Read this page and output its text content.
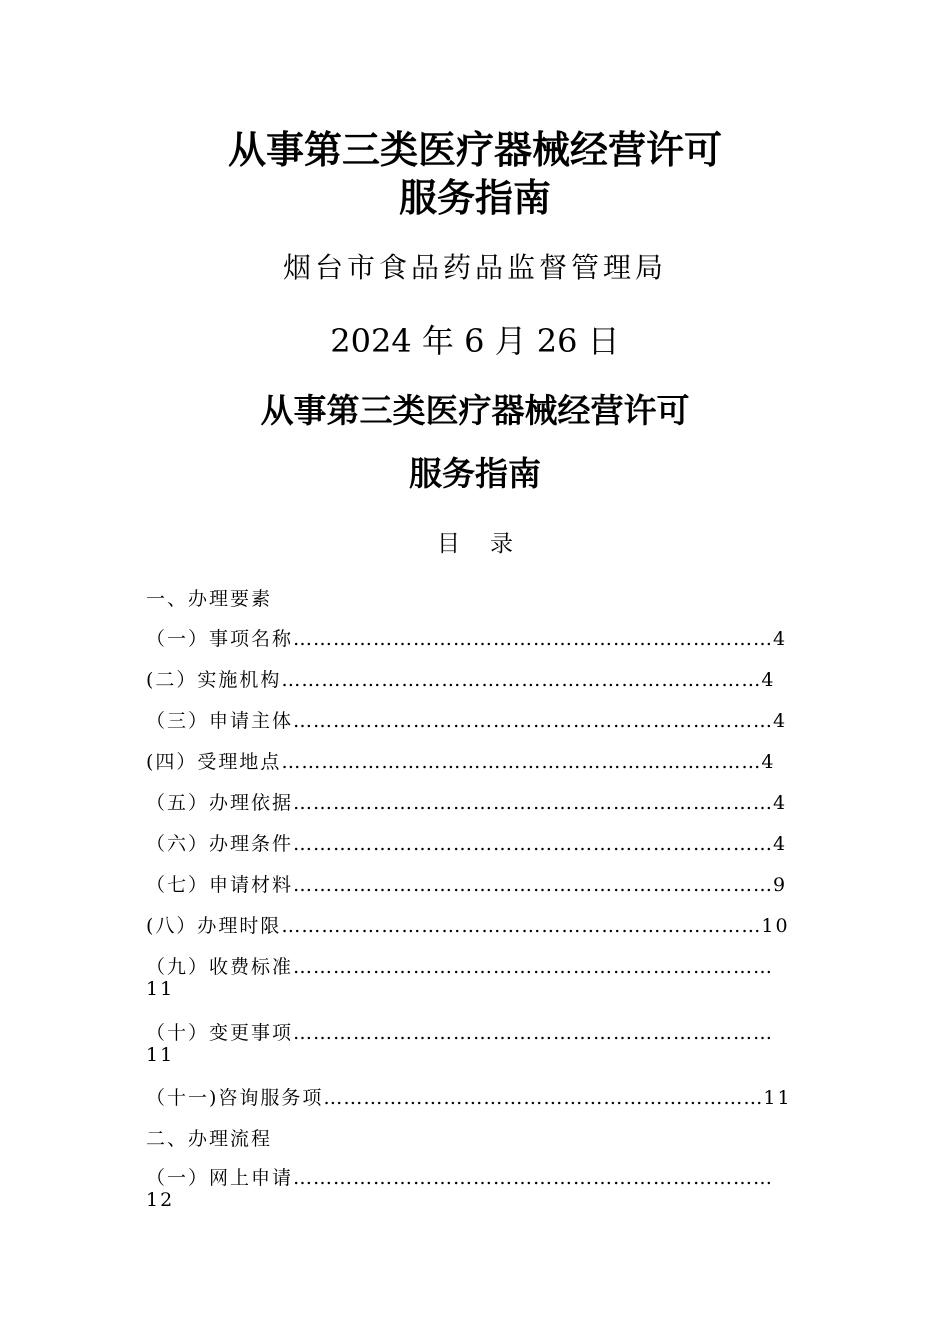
从事第三类医疗器械经营许可
服务指南
烟台市食品药品监督管理局
2024 年 6 月 26 日
从事第三类医疗器械经营许可
服务指南
目录
一、办理要素
（一）事项名称………………………………………………………………4
(二）实施机构………………………………………………………………4
（三）申请主体………………………………………………………………4
(四）受理地点………………………………………………………………4
（五）办理依据………………………………………………………………4
（六）办理条件………………………………………………………………4
（七）申请材料………………………………………………………………9
(八）办理时限………………………………………………………………10
（九）收费标准………………………………………………………………
11
（十）变更事项………………………………………………………………
11
（十一)咨询服务项…………………………………………………………11
二、办理流程
（一）网上申请………………………………………………………………
12
